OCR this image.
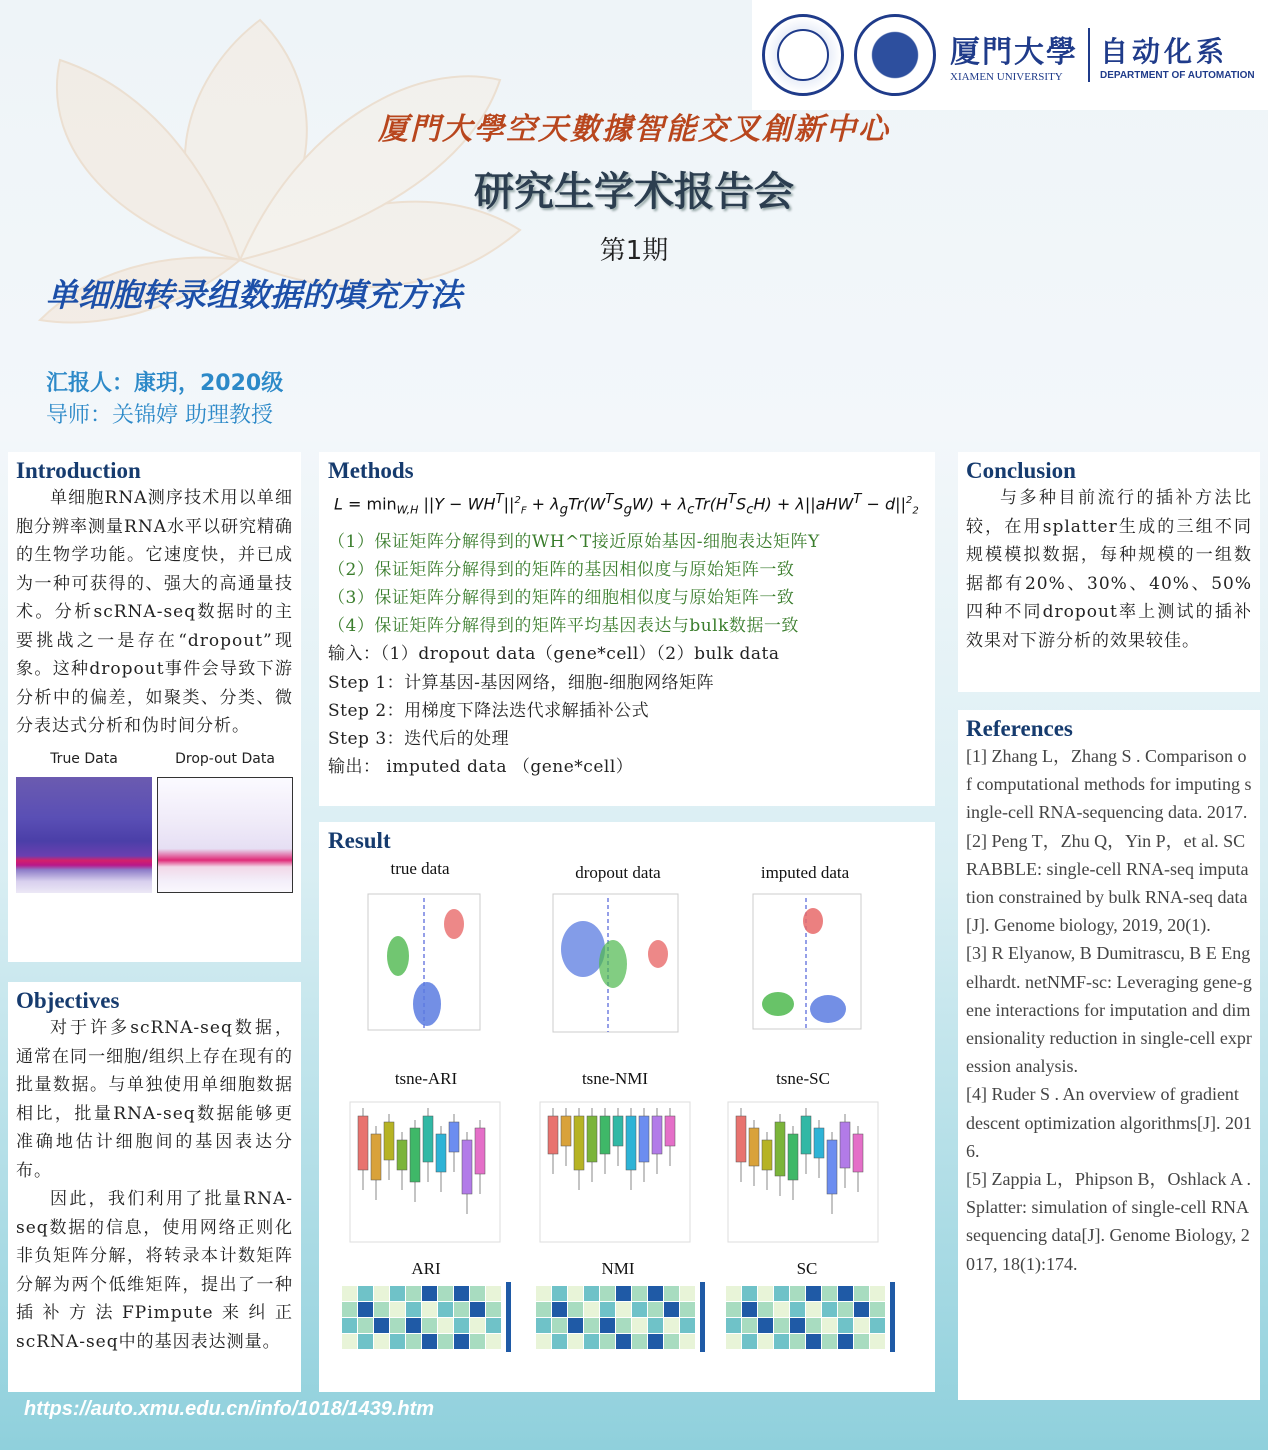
厦門大學
XIAMEN UNIVERSITY
自动化系
DEPARTMENT OF AUTOMATION
厦門大學空天數據智能交叉創新中心
研究生学术报告会
第1期
单细胞转录组数据的填充方法
汇报人：康玥，2020级
导师：关锦婷 助理教授
Introduction

单细胞RNA测序技术用以单细胞分辨率测量RNA水平以研究精确的生物学功能。它速度快，并已成为一种可获得的、强大的高通量技术。分析scRNA-seq数据时的主要挑战之一是存在“dropout”现象。这种dropout事件会导致下游分析中的偏差，如聚类、分类、微分表达式分析和伪时间分析。

True Data	Drop-out Data
Objectives

对于许多scRNA-seq数据，通常在同一细胞/组织上存在现有的批量数据。与单独使用单细胞数据相比，批量RNA-seq数据能够更准确地估计细胞间的基因表达分布。

因此，我们利用了批量RNA-seq数据的信息，使用网络正则化非负矩阵分解，将转录本计数矩阵分解为两个低维矩阵，提出了一种插补方法FPimpute来纠正scRNA-seq中的基因表达测量。

Methods
$L = \min_{W,H} ||Y - WH^T||^2_F + \lambda_gTr(W^TS_gW) + \lambda_cTr(H^TS_cH) + \lambda||aHW^T - d||^2_2$
（1）保证矩阵分解得到的WH^T接近原始基因-细胞表达矩阵Y
（2）保证矩阵分解得到的矩阵的基因相似度与原始矩阵一致
（3）保证矩阵分解得到的矩阵的细胞相似度与原始矩阵一致
（4）保证矩阵分解得到的矩阵平均基因表达与bulk数据一致
输入：（1）dropout data（gene*cell）（2）bulk data
Step 1：计算基因-基因网络，细胞-细胞网络矩阵
Step 2：用梯度下降法迭代求解插补公式
Step 3：迭代后的处理
输出： imputed data （gene*cell）
Result
true data	dropout data	imputed data
tsne-ARI	tsne-NMI	tsne-SC
ARI	NMI	SC
Conclusion

与多种目前流行的插补方法比较，在用splatter生成的三组不同规模模拟数据，每种规模的一组数据都有20%、30%、40%、50%四种不同dropout率上测试的插补效果对下游分析的效果较佳。

References
[1] Zhang L，Zhang S . Comparison of computational methods for imputing single-cell RNA-sequencing data. 2017.
[2] Peng T，Zhu Q，Yin P，et al. SCRABBLE: single-cell RNA-seq imputation constrained by bulk RNA-seq data[J]. Genome biology, 2019, 20(1).
[3] R Elyanow, B Dumitrascu, B E Engelhardt. netNMF-sc: Leveraging gene-gene interactions for imputation and dimensionality reduction in single-cell expression analysis.
[4] Ruder S . An overview of gradient descent optimization algorithms[J]. 2016.
[5] Zappia L，Phipson B，Oshlack A . Splatter: simulation of single-cell RNA sequencing data[J]. Genome Biology, 2017, 18(1):174.
https://auto.xmu.edu.cn/info/1018/1439.htm
